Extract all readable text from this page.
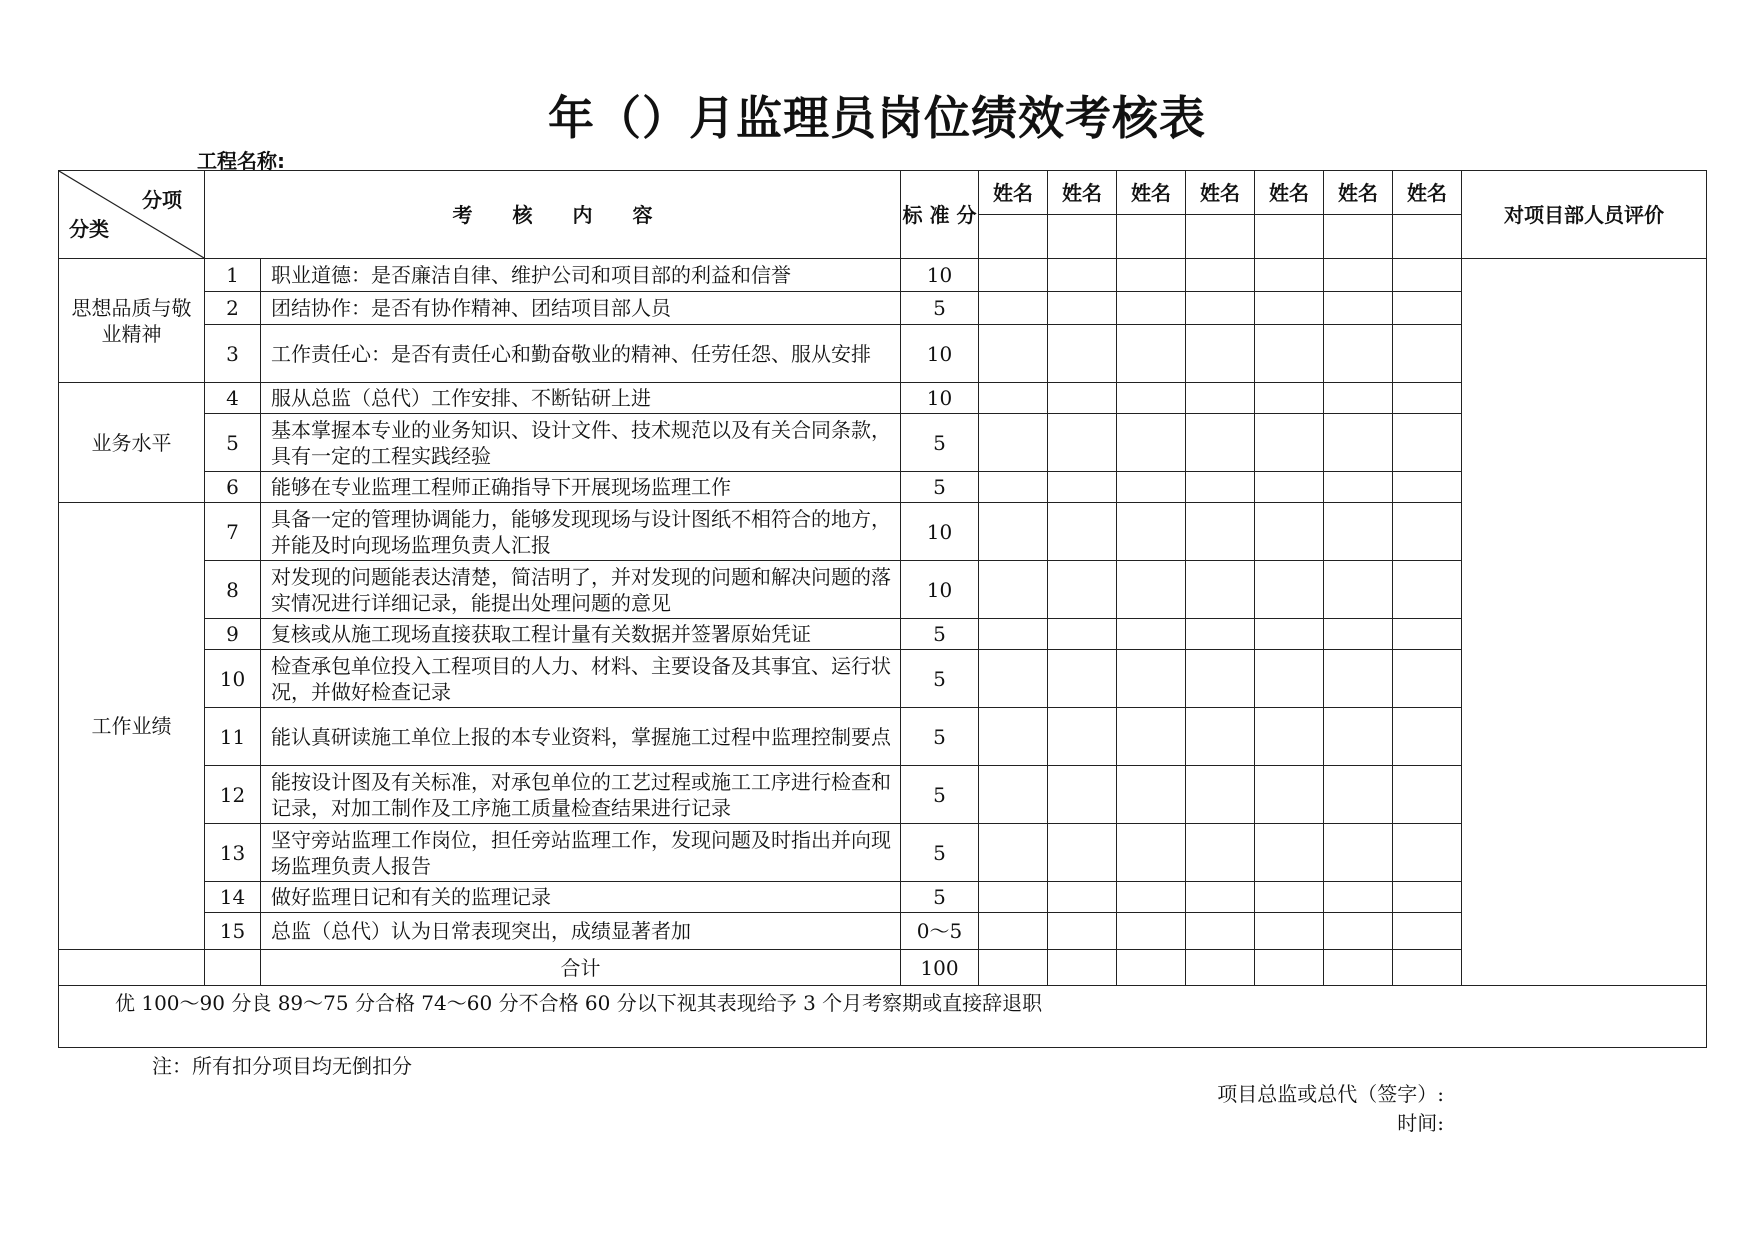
年（）月监理员岗位绩效考核表
工程名称:
分项
分类	考　　核　　内　　容		标 准 分	姓名	姓名	姓名	姓名	姓名	姓名	姓名	对项目部人员评价

思想品质与敬业精神	1	职业道德：是否廉洁自律、维护公司和项目部的利益和信誉	10								
	2	团结协作：是否有协作精神、团结项目部人员	5								
	3	工作责任心：是否有责任心和勤奋敬业的精神、任劳任怨、服从安排	10								
业务水平	4	服从总监（总代）工作安排、不断钻研上进	10								
	5	基本掌握本专业的业务知识、设计文件、技术规范以及有关合同条款，具有一定的工程实践经验	5								
	6	能够在专业监理工程师正确指导下开展现场监理工作	5								
工作业绩	7	具备一定的管理协调能力，能够发现现场与设计图纸不相符合的地方，并能及时向现场监理负责人汇报	10								
	8	对发现的问题能表达清楚，简洁明了，并对发现的问题和解决问题的落实情况进行详细记录，能提出处理问题的意见	10								
	9	复核或从施工现场直接获取工程计量有关数据并签署原始凭证	5								
	10	检查承包单位投入工程项目的人力、材料、主要设备及其事宜、运行状况，并做好检查记录	5								
	11	能认真研读施工单位上报的本专业资料，掌握施工过程中监理控制要点	5								
	12	能按设计图及有关标准，对承包单位的工艺过程或施工工序进行检查和记录，对加工制作及工序施工质量检查结果进行记录	5								
	13	坚守旁站监理工作岗位，担任旁站监理工作，发现问题及时指出并向现场监理负责人报告	5								
	14	做好监理日记和有关的监理记录	5								
	15	总监（总代）认为日常表现突出，成绩显著者加	0～5								
		合计	100								
优 100～90 分良 89～75 分合格 74～60 分不合格 60 分以下视其表现给予 3 个月考察期或直接辞退职											
注：所有扣分项目均无倒扣分
项目总监或总代（签字）:
时间:
